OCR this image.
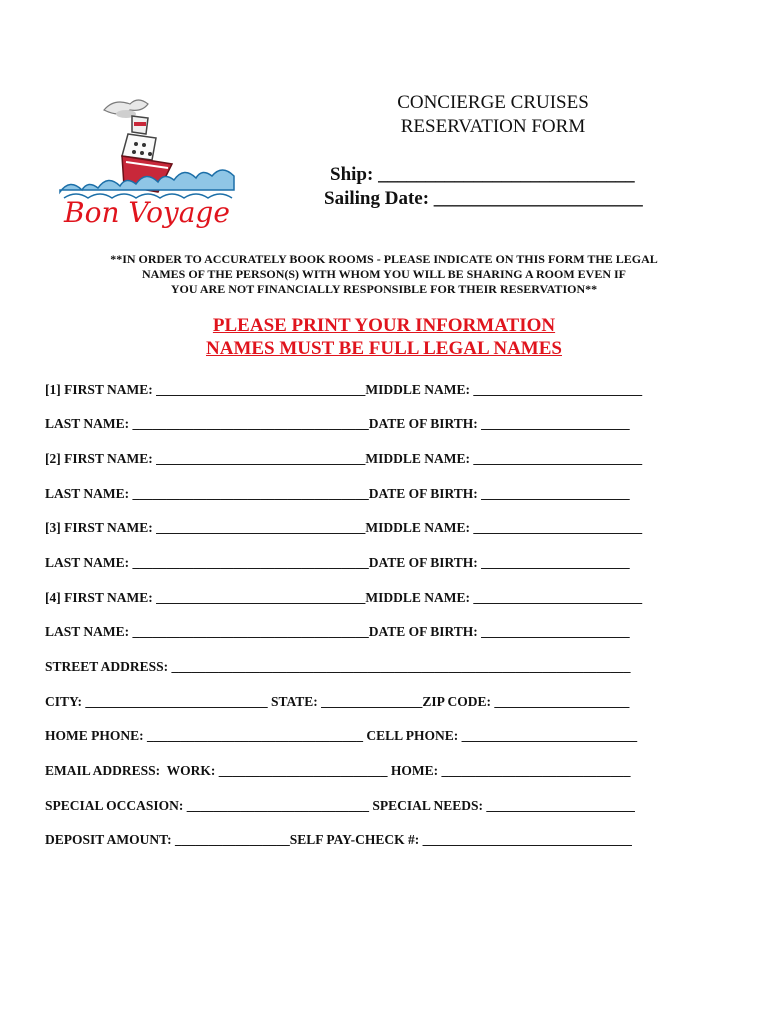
Bon Voyage
CONCIERGE CRUISES
RESERVATION FORM
Ship: ___________________________
Sailing Date: ______________________
**IN ORDER TO ACCURATELY BOOK ROOMS - PLEASE INDICATE ON THIS FORM THE LEGAL
NAMES OF THE PERSON(S) WITH WHOM YOU WILL BE SHARING A ROOM EVEN IF
YOU ARE NOT FINANCIALLY RESPONSIBLE FOR THEIR RESERVATION**
PLEASE PRINT YOUR INFORMATION
NAMES MUST BE FULL LEGAL NAMES
[1] FIRST NAME: _______________________________MIDDLE NAME: _________________________
LAST NAME: ___________________________________DATE OF BIRTH: ______________________
[2] FIRST NAME: _______________________________MIDDLE NAME: _________________________
LAST NAME: ___________________________________DATE OF BIRTH: ______________________
[3] FIRST NAME: _______________________________MIDDLE NAME: _________________________
LAST NAME: ___________________________________DATE OF BIRTH: ______________________
[4] FIRST NAME: _______________________________MIDDLE NAME: _________________________
LAST NAME: ___________________________________DATE OF BIRTH: ______________________
STREET ADDRESS: ____________________________________________________________________
CITY: ___________________________ STATE: _______________ZIP CODE: ____________________
HOME PHONE: ________________________________ CELL PHONE: __________________________
EMAIL ADDRESS:  WORK: _________________________ HOME: ____________________________
SPECIAL OCCASION: ___________________________ SPECIAL NEEDS: ______________________
DEPOSIT AMOUNT: _________________SELF PAY-CHECK #: _______________________________
